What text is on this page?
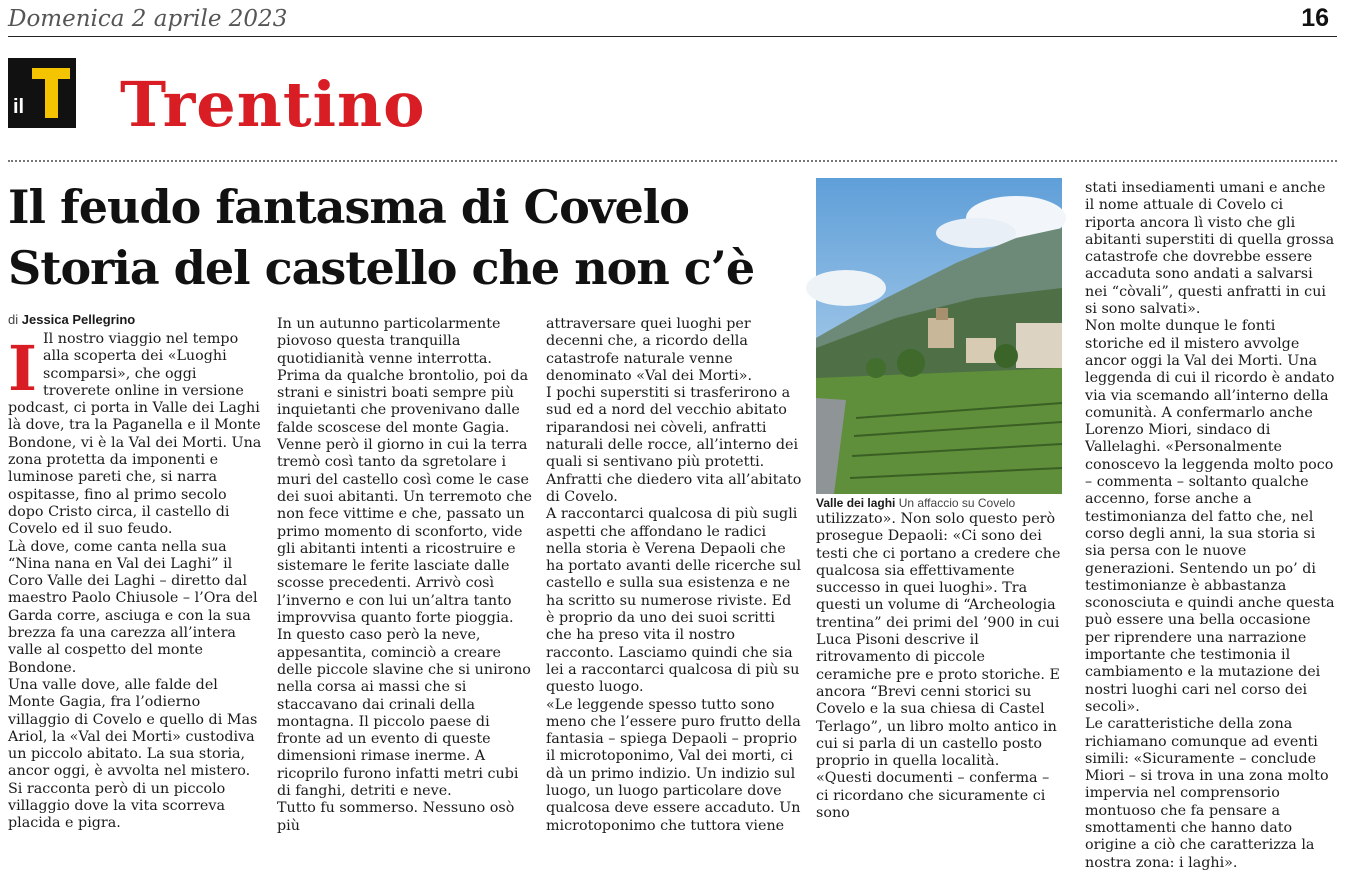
Domenica 2 aprile 2023	16
il Trentino
Il feudo fantasma di Covelo
Storia del castello che non c’è
di Jessica Pellegrino

I Il nostro viaggio nel tempo alla scoperta dei «Luoghi scomparsi», che oggi troverete online in versione podcast, ci porta in Valle dei Laghi là dove, tra la Paganella e il Monte Bondone, vi è la Val dei Morti. Una zona protetta da imponenti e luminose pareti che, si narra ospitasse, fino al primo secolo dopo Cristo circa, il castello di Covelo ed il suo feudo.

Là dove, come canta nella sua “Nina nana en Val dei Laghi” il Coro Valle dei Laghi – diretto dal maestro Paolo Chiusole – l’Ora del Garda corre, asciuga e con la sua brezza fa una carezza all’intera valle al cospetto del monte Bondone.

Una valle dove, alle falde del Monte Gagia, fra l’odierno villaggio di Covelo e quello di Mas Ariol, la «Val dei Morti» custodiva un piccolo abitato. La sua storia, ancor oggi, è avvolta nel mistero. Si racconta però di un piccolo villaggio dove la vita scorreva placida e pigra.

In un autunno particolarmente piovoso questa tranquilla quotidianità venne interrotta. Prima da qualche brontolio, poi da strani e sinistri boati sempre più inquietanti che provenivano dalle falde scoscese del monte Gagia.

Venne però il giorno in cui la terra tremò così tanto da sgretolare i muri del castello così come le case dei suoi abitanti. Un terremoto che non fece vittime e che, passato un primo momento di sconforto, vide gli abitanti intenti a ricostruire e sistemare le ferite lasciate dalle scosse precedenti. Arrivò così l’inverno e con lui un’altra tanto improvvisa quanto forte pioggia.

In questo caso però la neve, appesantita, cominciò a creare delle piccole slavine che si unirono nella corsa ai massi che si staccavano dai crinali della montagna. Il piccolo paese di fronte ad un evento di queste dimensioni rimase inerme. A ricoprilo furono infatti metri cubi di fanghi, detriti e neve.

Tutto fu sommerso. Nessuno osò più

attraversare quei luoghi per decenni che, a ricordo della catastrofe naturale venne denominato «Val dei Morti».

I pochi superstiti si trasferirono a sud ed a nord del vecchio abitato riparandosi nei còveli, anfratti naturali delle rocce, all’interno dei quali si sentivano più protetti. Anfratti che diedero vita all’abitato di Covelo.

A raccontarci qualcosa di più sugli aspetti che affondano le radici nella storia è Verena Depaoli che ha portato avanti delle ricerche sul castello e sulla sua esistenza e ne ha scritto su numerose riviste. Ed è proprio da uno dei suoi scritti che ha preso vita il nostro racconto. Lasciamo quindi che sia lei a raccontarci qualcosa di più su questo luogo.

«Le leggende spesso tutto sono meno che l’essere puro frutto della fantasia – spiega Depaoli – proprio il microtoponimo, Val dei morti, ci dà un primo indizio. Un indizio sul luogo, un luogo particolare dove qualcosa deve essere accaduto. Un microtoponimo che tuttora viene

Valle dei laghi Un affaccio su Covelo

utilizzato». Non solo questo però prosegue Depaoli: «Ci sono dei testi che ci portano a credere che qualcosa sia effettivamente successo in quei luoghi». Tra questi un volume di “Archeologia trentina” dei primi del ’900 in cui Luca Pisoni descrive il ritrovamento di piccole ceramiche pre e proto storiche. E ancora “Brevi cenni storici su Covelo e la sua chiesa di Castel Terlago”, un libro molto antico in cui si parla di un castello posto proprio in quella località.

«Questi documenti – conferma – ci ricordano che sicuramente ci sono

stati insediamenti umani e anche il nome attuale di Covelo ci riporta ancora lì visto che gli abitanti superstiti di quella grossa catastrofe che dovrebbe essere accaduta sono andati a salvarsi nei “còvali”, questi anfratti in cui si sono salvati».

Non molte dunque le fonti storiche ed il mistero avvolge ancor oggi la Val dei Morti. Una leggenda di cui il ricordo è andato via via scemando all’interno della comunità. A confermarlo anche Lorenzo Miori, sindaco di Vallelaghi. «Personalmente conoscevo la leggenda molto poco – commenta – soltanto qualche accenno, forse anche a testimonianza del fatto che, nel corso degli anni, la sua storia si sia persa con le nuove generazioni. Sentendo un po’ di testimonianze è abbastanza sconosciuta e quindi anche questa può essere una bella occasione per riprendere una narrazione importante che testimonia il cambiamento e la mutazione dei nostri luoghi cari nel corso dei secoli».

Le caratteristiche della zona richiamano comunque ad eventi simili: «Sicuramente – conclude Miori – si trova in una zona molto impervia nel comprensorio montuoso che fa pensare a smottamenti che hanno dato origine a ciò che caratterizza la nostra zona: i laghi».
